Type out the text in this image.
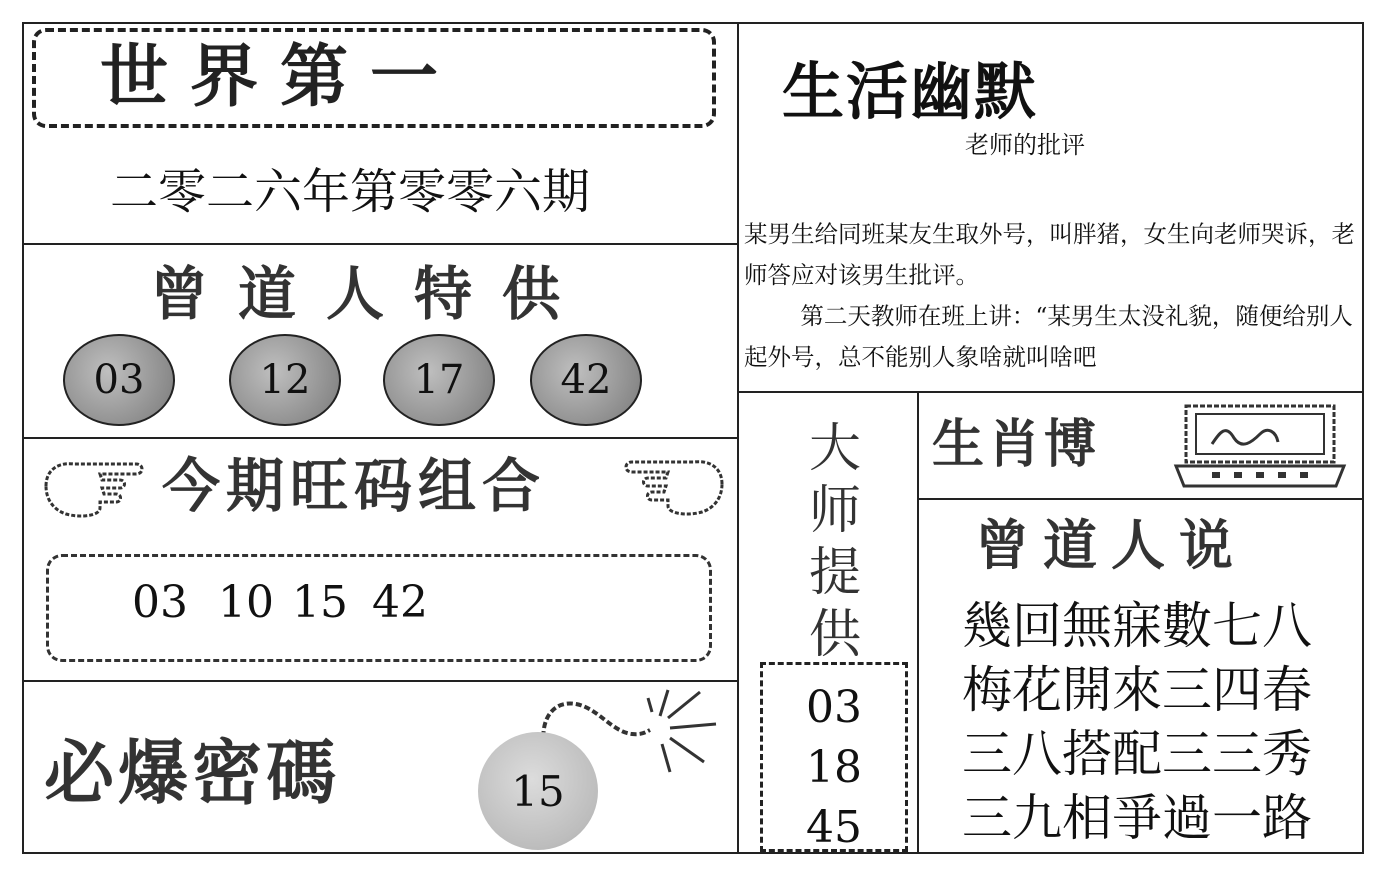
世界第一
二零二六年第零零六期
曾道人特供
03	12	17	42
今期旺码组合
03 10 15 42
必爆密碼	15
生活幽默
老师的批评

某男生给同班某友生取外号，叫胖猪，女生向老师哭诉，老师答应对该男生批评。

第二天教师在班上讲：“某男生太没礼貌，随便给别人起外号，总不能别人象啥就叫啥吧

大
师
提
供
03
18
45
生肖博
曾道人说
幾回無寐數七八
梅花開來三四春
三八搭配三三秀
三九相爭過一路
